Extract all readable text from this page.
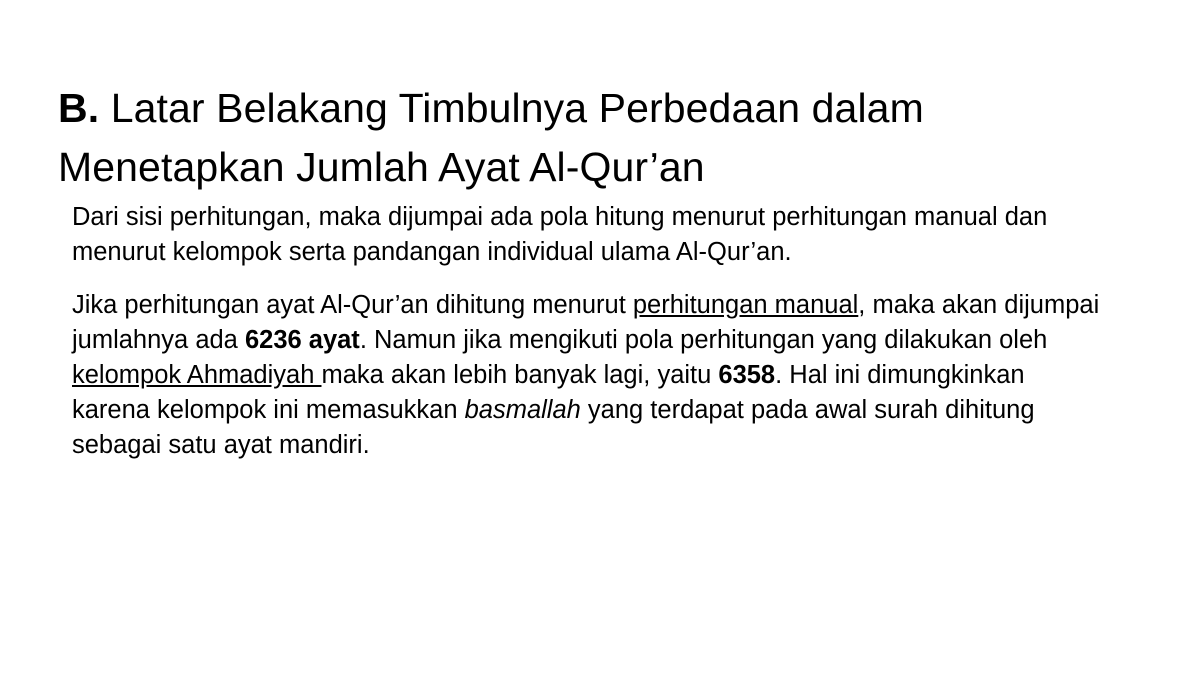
B. Latar Belakang Timbulnya Perbedaan dalam Menetapkan Jumlah Ayat Al-Qur’an

Dari sisi perhitungan, maka dijumpai ada pola hitung menurut perhitungan manual dan menurut kelompok serta pandangan individual ulama Al-Qur’an.

Jika perhitungan ayat Al-Qur’an dihitung menurut perhitungan manual, maka akan dijumpai jumlahnya ada 6236 ayat. Namun jika mengikuti pola perhitungan yang dilakukan oleh kelompok Ahmadiyah maka akan lebih banyak lagi, yaitu 6358. Hal ini dimungkinkan karena kelompok ini memasukkan basmallah yang terdapat pada awal surah dihitung sebagai satu ayat mandiri.
